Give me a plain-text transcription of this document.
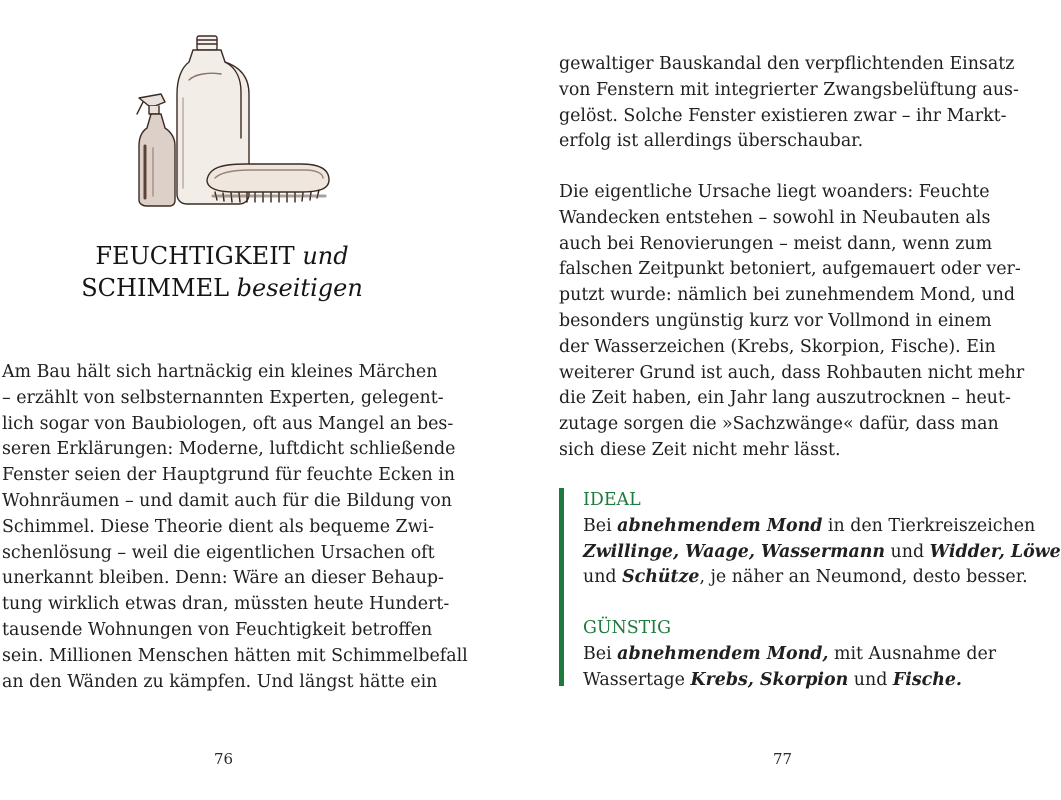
FEUCHTIGKEIT und
SCHIMMEL beseitigen
Am Bau hält sich hartnäckig ein kleines Märchen
– erzählt von selbsternannten Experten, gelegent-
lich sogar von Baubiologen, oft aus Mangel an bes-
seren Erklärungen: Moderne, luftdicht schließende
Fenster seien der Hauptgrund für feuchte Ecken in
Wohnräumen – und damit auch für die Bildung von
Schimmel. Diese Theorie dient als bequeme Zwi-
schenlösung – weil die eigentlichen Ursachen oft
unerkannt bleiben. Denn: Wäre an dieser Behaup-
tung wirklich etwas dran, müssten heute Hundert-
tausende Wohnungen von Feuchtigkeit betroffen
sein. Millionen Menschen hätten mit Schimmelbefall
an den Wänden zu kämpfen. Und längst hätte ein
76
gewaltiger Bauskandal den verpflichtenden Einsatz
von Fenstern mit integrierter Zwangsbelüftung aus-
gelöst. Solche Fenster existieren zwar – ihr Markt-
erfolg ist allerdings überschaubar.
Die eigentliche Ursache liegt woanders: Feuchte
Wandecken entstehen – sowohl in Neubauten als
auch bei Renovierungen – meist dann, wenn zum
falschen Zeitpunkt betoniert, aufgemauert oder ver-
putzt wurde: nämlich bei zunehmendem Mond, und
besonders ungünstig kurz vor Vollmond in einem
der Wasserzeichen (Krebs, Skorpion, Fische). Ein
weiterer Grund ist auch, dass Rohbauten nicht mehr
die Zeit haben, ein Jahr lang auszutrocknen – heut-
zutage sorgen die »Sachzwänge« dafür, dass man
sich diese Zeit nicht mehr lässt.
IDEAL
Bei abnehmendem Mond in den Tierkreiszeichen
Zwillinge, Waage, Wassermann und Widder, Löwe
und Schütze, je näher an Neumond, desto besser.
GÜNSTIG
Bei abnehmendem Mond, mit Ausnahme der
Wassertage Krebs, Skorpion und Fische.
77
